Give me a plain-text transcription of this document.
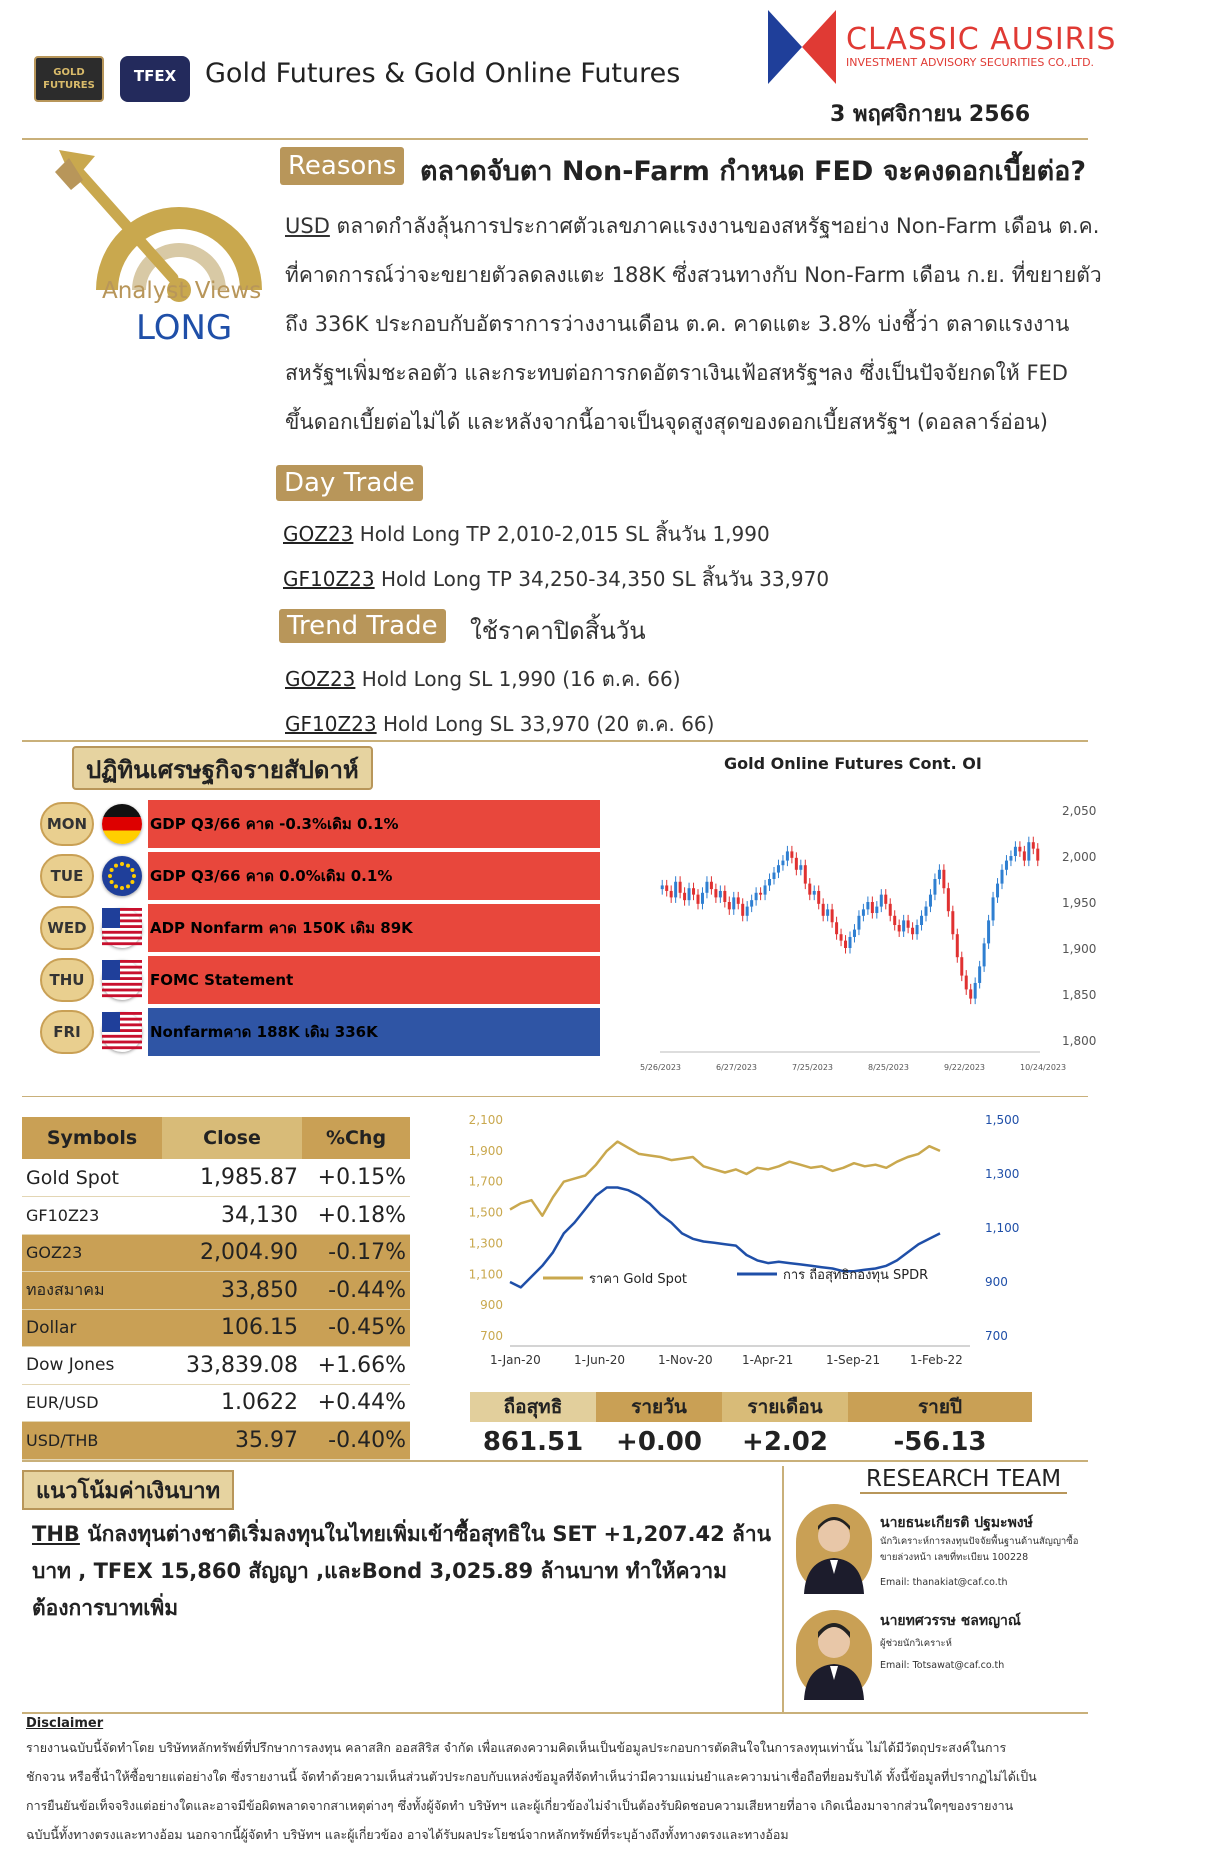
GOLD FUTURES
TFEX	Gold Futures & Gold Online Futures
CLASSIC AUSIRIS
INVESTMENT ADVISORY SECURITIES CO.,LTD.
3 พฤศจิกายน 2566
Analyst Views
LONG
Reasons ตลาดจับตา Non-Farm กำหนด FED จะคงดอกเบี้ยต่อ?

USD ตลาดกำลังลุ้นการประกาศตัวเลขภาคแรงงานของสหรัฐฯอย่าง Non-Farm เดือน ต.ค.

ที่คาดการณ์ว่าจะขยายตัวลดลงแตะ 188K ซึ่งสวนทางกับ Non-Farm เดือน ก.ย. ที่ขยายตัว

ถึง 336K ประกอบกับอัตราการว่างงานเดือน ต.ค. คาดแตะ 3.8% บ่งชี้ว่า ตลาดแรงงาน

สหรัฐฯเพิ่มชะลอตัว และกระทบต่อการกดอัตราเงินเฟ้อสหรัฐฯลง ซึ่งเป็นปัจจัยกดให้ FED

ขึ้นดอกเบี้ยต่อไม่ได้ และหลังจากนี้อาจเป็นจุดสูงสุดของดอกเบี้ยสหรัฐฯ (ดอลลาร์อ่อน)

Day Trade
GOZ23 Hold Long TP 2,010-2,015 SL สิ้นวัน 1,990
GF10Z23 Hold Long TP 34,250-34,350 SL สิ้นวัน 33,970
Trend Trade	ใช้ราคาปิดสิ้นวัน
GOZ23 Hold Long SL 1,990 (16 ต.ค. 66)
GF10Z23 Hold Long SL 33,970 (20 ต.ค. 66)
ปฏิทินเศรษฐกิจรายสัปดาห์
MON	GDP Q3/66 คาด -0.3%เดิม 0.1%
TUE	GDP Q3/66 คาด 0.0%เดิม 0.1%
WED	ADP Nonfarm คาด 150K เดิม 89K
THU	FOMC Statement
FRI	Nonfarmคาด 188K เดิม 336K
Gold Online Futures Cont. OI
2,050
2,000
1,950
1,900
1,850
1,800
5/26/2023	6/27/2023	7/25/2023	8/25/2023	9/22/2023	10/24/2023
Symbols	Close	%Chg
Gold Spot	1,985.87	+0.15%
GF10Z23	34,130	+0.18%
GOZ23	2,004.90	-0.17%
ทองสมาคม	33,850	-0.44%
Dollar	106.15	-0.45%
Dow Jones	33,839.08	+1.66%
EUR/USD	1.0622	+0.44%
USD/THB	35.97	-0.40%
2,100
1,900
1,700
1,500
1,300
1,100
900
700
1,500
1,300
1,100
900
700
1-Jan-20	1-Jun-20	1-Nov-20 1-Apr-21	1-Sep-21 1-Feb-22
ราคา Gold Spot	การ ถือสุทธิกองทุน SPDR
ถือสุทธิ	รายวัน	รายเดือน	รายปี
861.51	+0.00	+2.02	-56.13
แนวโน้มค่าเงินบาท

THB นักลงทุนต่างชาติเริ่มลงทุนในไทยเพิ่มเข้าซื้อสุทธิใน SET +1,207.42 ล้าน

บาท , TFEX 15,860 สัญญา ,และBond 3,025.89 ล้านบาท ทำให้ความ

ต้องการบาทเพิ่ม

RESEARCH TEAM
นายธนะเกียรติ ปฐมะพงษ์
นักวิเคราะห์การลงทุนปัจจัยพื้นฐานด้านสัญญาซื้อขายล่วงหน้า เลขที่ทะเบียน 100228
Email: thanakiat@caf.co.th
นายทศวรรษ ชลทญาณ์
ผู้ช่วยนักวิเคราะห์
Email: Totsawat@caf.co.th
Disclaimer

รายงานฉบับนี้จัดทำโดย บริษัทหลักทรัพย์ที่ปรึกษาการลงทุน คลาสสิก ออสสิริส จำกัด เพื่อแสดงความคิดเห็นเป็นข้อมูลประกอบการตัดสินใจในการลงทุนเท่านั้น ไม่ได้มีวัตถุประสงค์ในการ

ชักจวน หรือชี้นำให้ซื้อขายแต่อย่างใด ซึ่งรายงานนี้ จัดทำด้วยความเห็นส่วนตัวประกอบกับแหล่งข้อมูลที่จัดทำเห็นว่ามีความแม่นยำและความน่าเชื่อถือที่ยอมรับได้ ทั้งนี้ข้อมูลที่ปรากฏไม่ได้เป็น

การยืนยันข้อเท็จจริงแต่อย่างใดและอาจมีข้อผิดพลาดจากสาเหตุต่างๆ ซึ่งทั้งผู้จัดทำ บริษัทฯ และผู้เกี่ยวข้องไม่จำเป็นต้องรับผิดชอบความเสียหายที่อาจ เกิดเนื่องมาจากส่วนใดๆของรายงาน

ฉบับนี้ทั้งทางตรงและทางอ้อม นอกจากนี้ผู้จัดทำ บริษัทฯ และผู้เกี่ยวข้อง อาจได้รับผลประโยชน์จากหลักทรัพย์ที่ระบุอ้างถึงทั้งทางตรงและทางอ้อม
